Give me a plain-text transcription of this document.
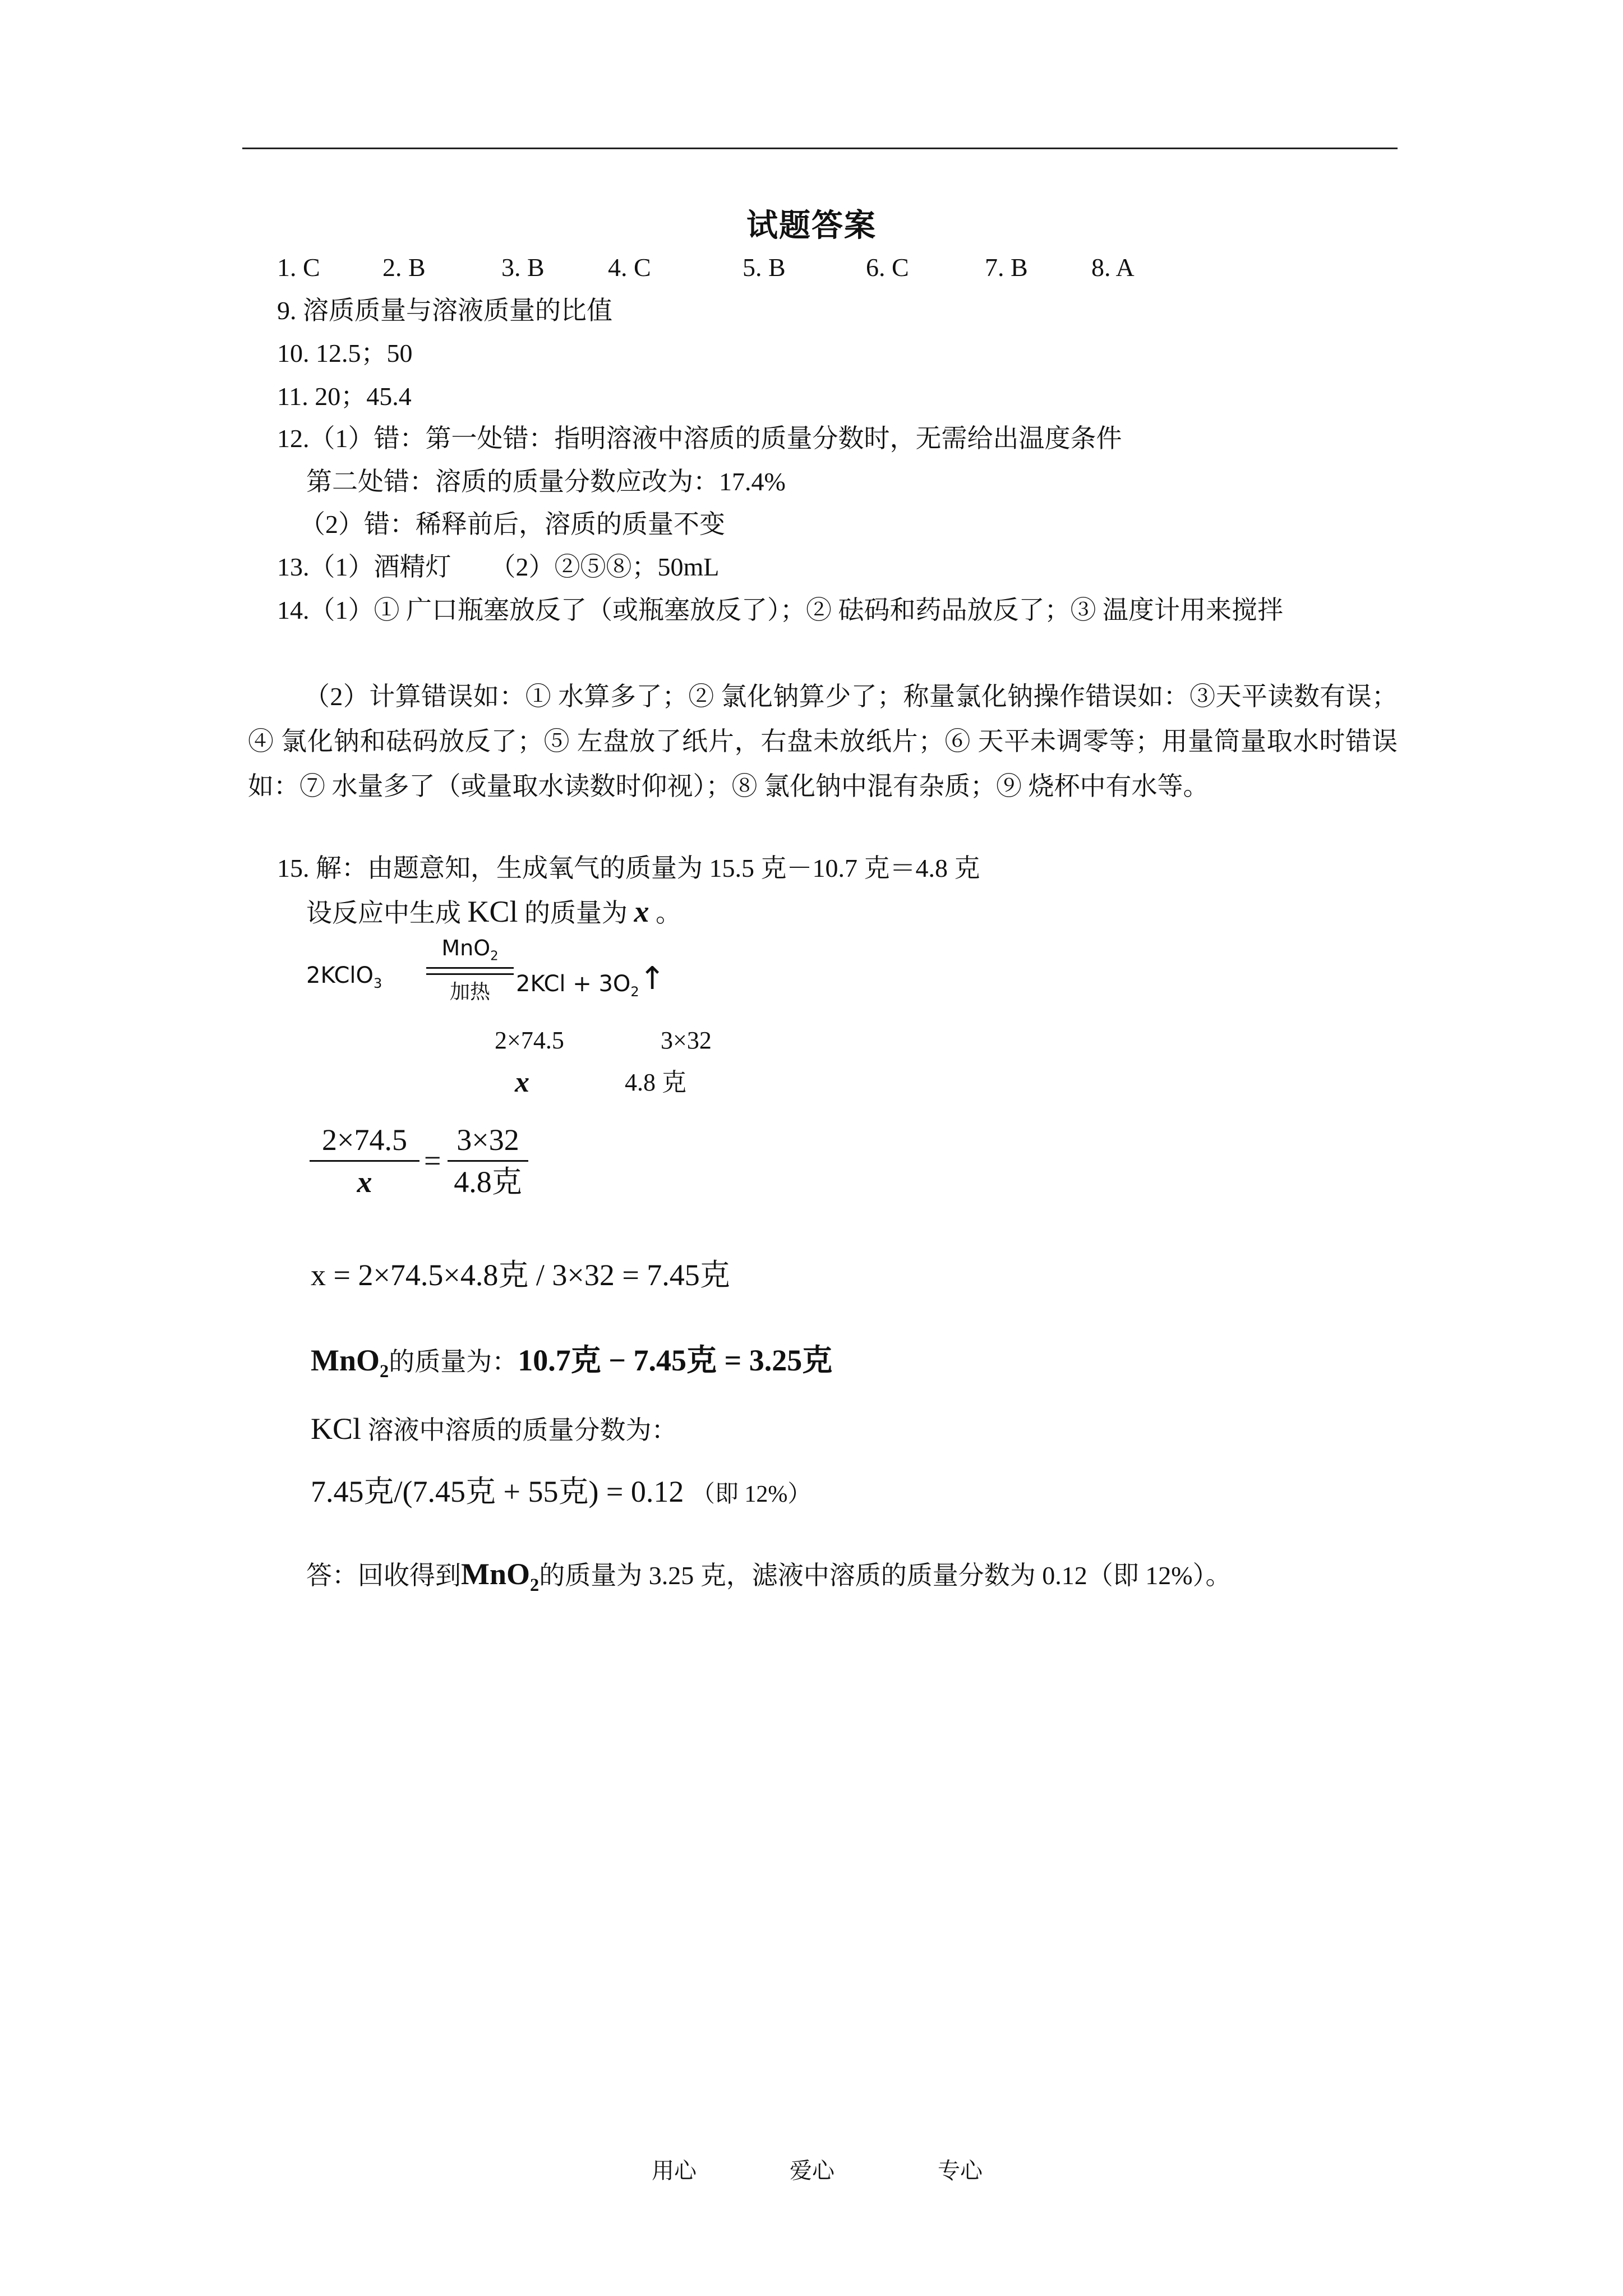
试题答案
1. C 2. B	3. B 4. C	5. B	6. C	7. B 8. A
9. 溶质质量与溶液质量的比值
10. 12.5；50
11. 20；45.4
12.（1）错：第一处错：指明溶液中溶质的质量分数时，无需给出温度条件
第二处错：溶质的质量分数应改为：17.4%
（2）错：稀释前后，溶质的质量不变
13.（1）酒精灯　　（2）②⑤⑧；50mL
14.（1）① 广口瓶塞放反了（或瓶塞放反了）；② 砝码和药品放反了；③ 温度计用来搅拌
（2）计算错误如：① 水算多了；② 氯化钠算少了；称量氯化钠操作错误如：③天平读数有误；④ 氯化钠和砝码放反了；⑤ 左盘放了纸片，右盘未放纸片；⑥ 天平未调零等；用量筒量取水时错误如：⑦ 水量多了（或量取水读数时仰视）；⑧ 氯化钠中混有杂质；⑨ 烧杯中有水等。
15. 解：由题意知，生成氧气的质量为 15.5 克－10.7 克＝4.8 克
设反应中生成 KCl 的质量为 x 。
2KClO$_3$
MnO$_2$
加热	$2KCl + 3O_2↑$
2×74.5	3×32
x	4.8 克
$\frac{2\times 74.5}{x}$ =
3×32
4.8克
x = 2×74.5×4.8克 / 3×32 = 7.45克
MnO$_2$的质量为：10.7克 − 7.45克 = 3.25克
KCl 溶液中溶质的质量分数为：
7.45克/(7.45克 + 55克) = 0.12 （即 12%）
答：回收得到MnO$_2$的质量为 3.25 克，滤液中溶质的质量分数为 0.12（即 12%）。
用心	爱心	专心
